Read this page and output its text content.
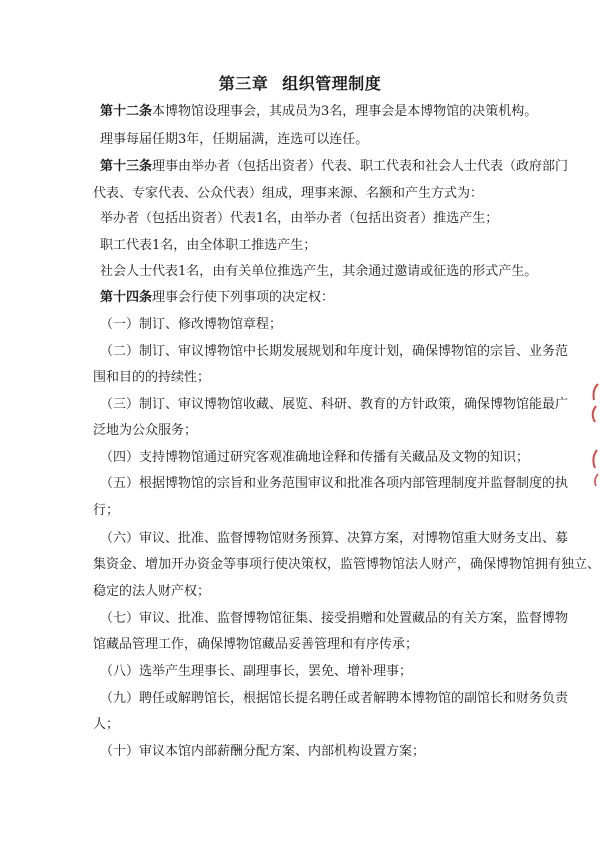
第三章 组织管理制度
第十二条本博物馆设理事会，其成员为3名，理事会是本博物馆的决策机构。
理事每届任期3年，任期届满，连选可以连任。
第十三条理事由举办者（包括出资者）代表、职工代表和社会人士代表（政府部门
代表、专家代表、公众代表）组成，理事来源、名额和产生方式为：
举办者（包括出资者）代表1名，由举办者（包括出资者）推选产生；
职工代表1名，由全体职工推选产生；
社会人士代表1名，由有关单位推选产生，其余通过邀请或征选的形式产生。
第十四条理事会行使下列事项的决定权：
（一）制订、修改博物馆章程；
（二）制订、审议博物馆中长期发展规划和年度计划，确保博物馆的宗旨、业务范
围和目的的持续性；
（三）制订、审议博物馆收藏、展览、科研、教育的方针政策，确保博物馆能最广
泛地为公众服务；
（四）支持博物馆通过研究客观准确地诠释和传播有关藏品及文物的知识；
（五）根据博物馆的宗旨和业务范围审议和批准各项内部管理制度并监督制度的执
行；
（六）审议、批准、监督博物馆财务预算、决算方案，对博物馆重大财务支出、募
集资金、增加开办资金等事项行使决策权，监管博物馆法人财产，确保博物馆拥有独立、
稳定的法人财产权；
（七）审议、批准、监督博物馆征集、接受捐赠和处置藏品的有关方案，监督博物
馆藏品管理工作，确保博物馆藏品妥善管理和有序传承；
（八）选举产生理事长、副理事长，罢免、增补理事；
（九）聘任或解聘馆长，根据馆长提名聘任或者解聘本博物馆的副馆长和财务负责
人；
（十）审议本馆内部薪酬分配方案、内部机构设置方案；
